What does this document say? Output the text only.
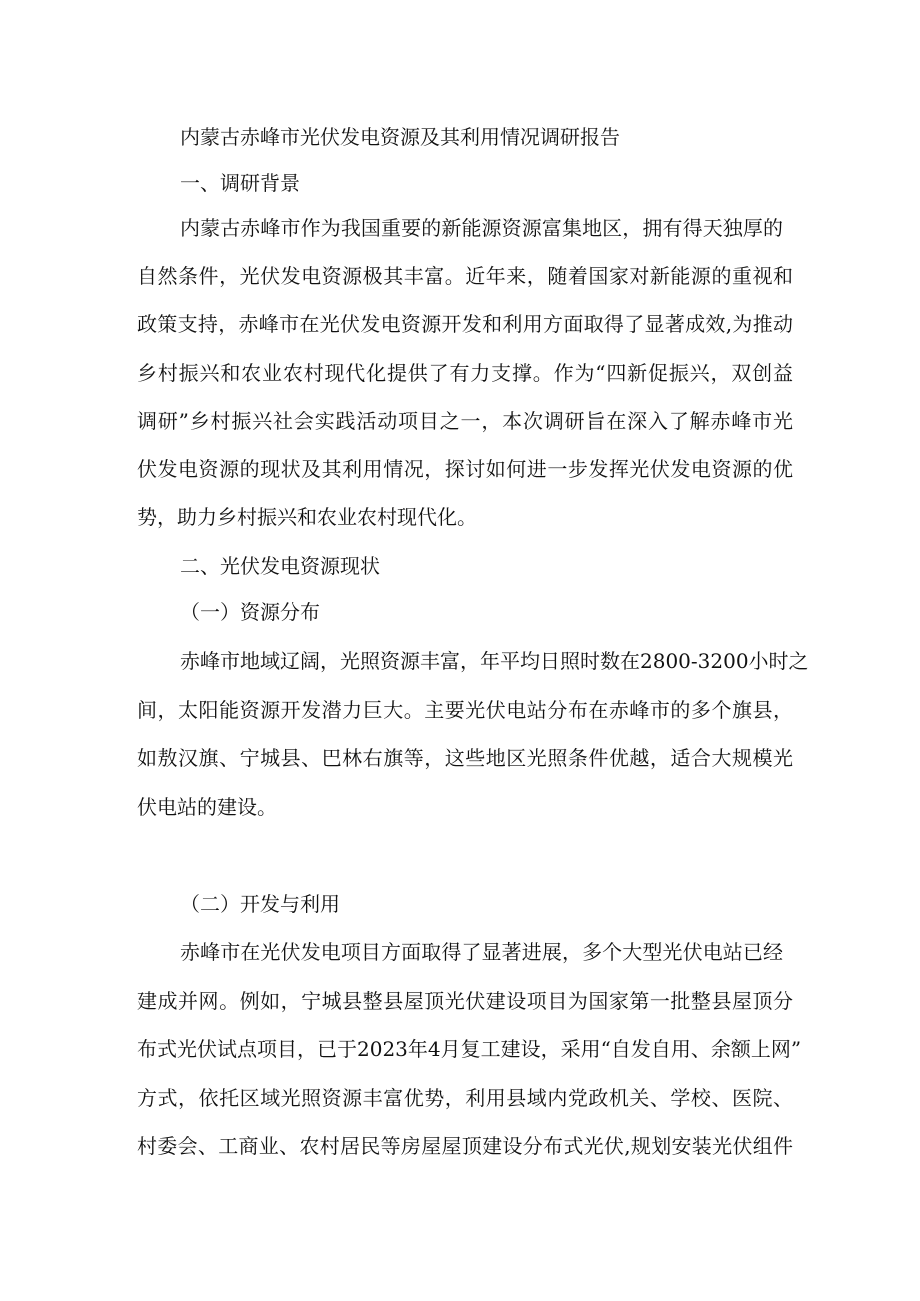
内蒙古赤峰市光伏发电资源及其利用情况调研报告
一、调研背景
内蒙古赤峰市作为我国重要的新能源资源富集地区，拥有得天独厚的
自然条件，光伏发电资源极其丰富。近年来，随着国家对新能源的重视和
政策支持，赤峰市在光伏发电资源开发和利用方面取得了显著成效,为推动
乡村振兴和农业农村现代化提供了有力支撑。作为“四新促振兴，双创益
调研”乡村振兴社会实践活动项目之一，本次调研旨在深入了解赤峰市光
伏发电资源的现状及其利用情况，探讨如何进一步发挥光伏发电资源的优
势，助力乡村振兴和农业农村现代化。
二、光伏发电资源现状
（一）资源分布
赤峰市地域辽阔，光照资源丰富，年平均日照时数在2800-3200小时之
间，太阳能资源开发潜力巨大。主要光伏电站分布在赤峰市的多个旗县，
如敖汉旗、宁城县、巴林右旗等，这些地区光照条件优越，适合大规模光
伏电站的建设。
（二）开发与利用
赤峰市在光伏发电项目方面取得了显著进展，多个大型光伏电站已经
建成并网。例如，宁城县整县屋顶光伏建设项目为国家第一批整县屋顶分
布式光伏试点项目，已于2023年4月复工建设，采用“自发自用、余额上网”
方式，依托区域光照资源丰富优势，利用县域内党政机关、学校、医院、
村委会、工商业、农村居民等房屋屋顶建设分布式光伏,规划安装光伏组件
